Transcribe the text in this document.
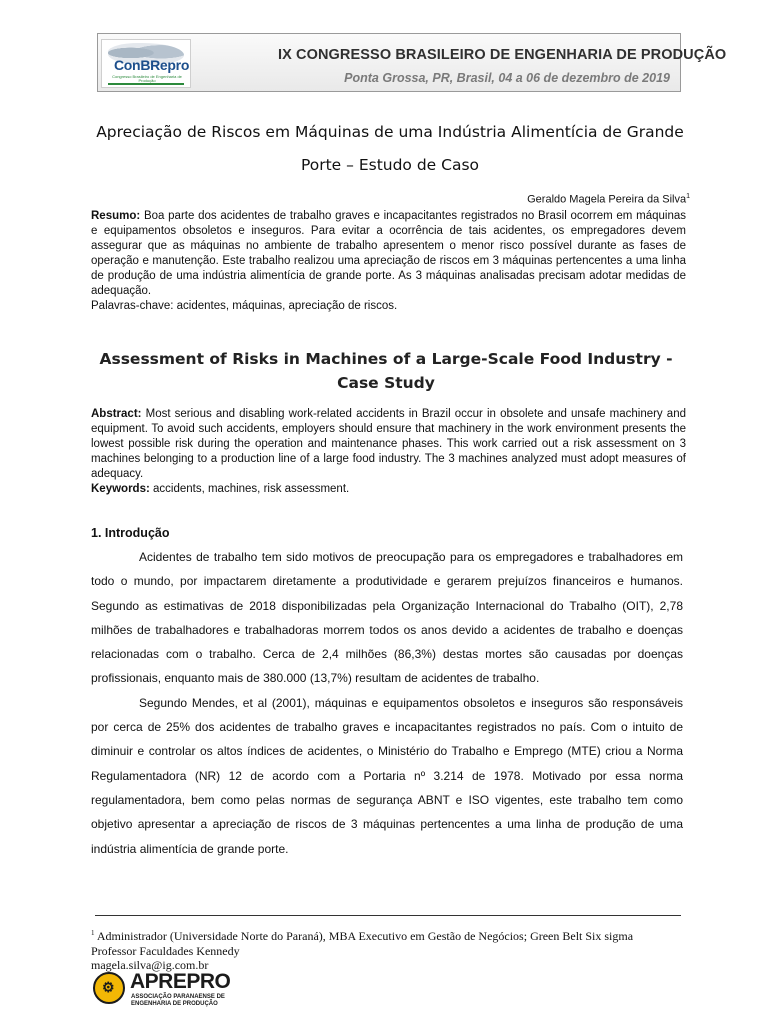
ConBRepro
Congresso Brasileiro de Engenharia de Produção
IX CONGRESSO BRASILEIRO DE ENGENHARIA DE PRODUÇÃO
Ponta Grossa, PR, Brasil, 04 a 06 de dezembro de 2019
Apreciação de Riscos em Máquinas de uma Indústria Alimentícia de Grande Porte – Estudo de Caso
Geraldo Magela Pereira da Silva$^1$
Resumo: Boa parte dos acidentes de trabalho graves e incapacitantes registrados no Brasil ocorrem em máquinas e equipamentos obsoletos e inseguros. Para evitar a ocorrência de tais acidentes, os empregadores devem assegurar que as máquinas no ambiente de trabalho apresentem o menor risco possível durante as fases de operação e manutenção. Este trabalho realizou uma apreciação de riscos em 3 máquinas pertencentes a uma linha de produção de uma indústria alimentícia de grande porte. As 3 máquinas analisadas precisam adotar medidas de adequação.
Palavras-chave: acidentes, máquinas, apreciação de riscos.
Assessment of Risks in Machines of a Large-Scale Food Industry - Case Study
Abstract: Most serious and disabling work-related accidents in Brazil occur in obsolete and unsafe machinery and equipment. To avoid such accidents, employers should ensure that machinery in the work environment presents the lowest possible risk during the operation and maintenance phases. This work carried out a risk assessment on 3 machines belonging to a production line of a large food industry. The 3 machines analyzed must adopt measures of adequacy.
Keywords: accidents, machines, risk assessment.
1. Introdução

Acidentes de trabalho tem sido motivos de preocupação para os empregadores e trabalhadores em todo o mundo, por impactarem diretamente a produtividade e gerarem prejuízos financeiros e humanos. Segundo as estimativas de 2018 disponibilizadas pela Organização Internacional do Trabalho (OIT), 2,78 milhões de trabalhadores e trabalhadoras morrem todos os anos devido a acidentes de trabalho e doenças relacionadas com o trabalho. Cerca de 2,4 milhões (86,3%) destas mortes são causadas por doenças profissionais, enquanto mais de 380.000 (13,7%) resultam de acidentes de trabalho.

Segundo Mendes, et al (2001), máquinas e equipamentos obsoletos e inseguros são responsáveis por cerca de 25% dos acidentes de trabalho graves e incapacitantes registrados no país. Com o intuito de diminuir e controlar os altos índices de acidentes, o Ministério do Trabalho e Emprego (MTE) criou a Norma Regulamentadora (NR) 12 de acordo com a Portaria nº 3.214 de 1978. Motivado por essa norma regulamentadora, bem como pelas normas de segurança ABNT e ISO vigentes, este trabalho tem como objetivo apresentar a apreciação de riscos de 3 máquinas pertencentes a uma linha de produção de uma indústria alimentícia de grande porte.

$^1$ Administrador (Universidade Norte do Paraná), MBA Executivo em Gestão de Negócios; Green Belt Six sigma
Professor Faculdades Kennedy
magela.silva@ig.com.br
⚙ APREPRO
ASSOCIAÇÃO PARANAENSE DE
ENGENHARIA DE PRODUÇÃO
